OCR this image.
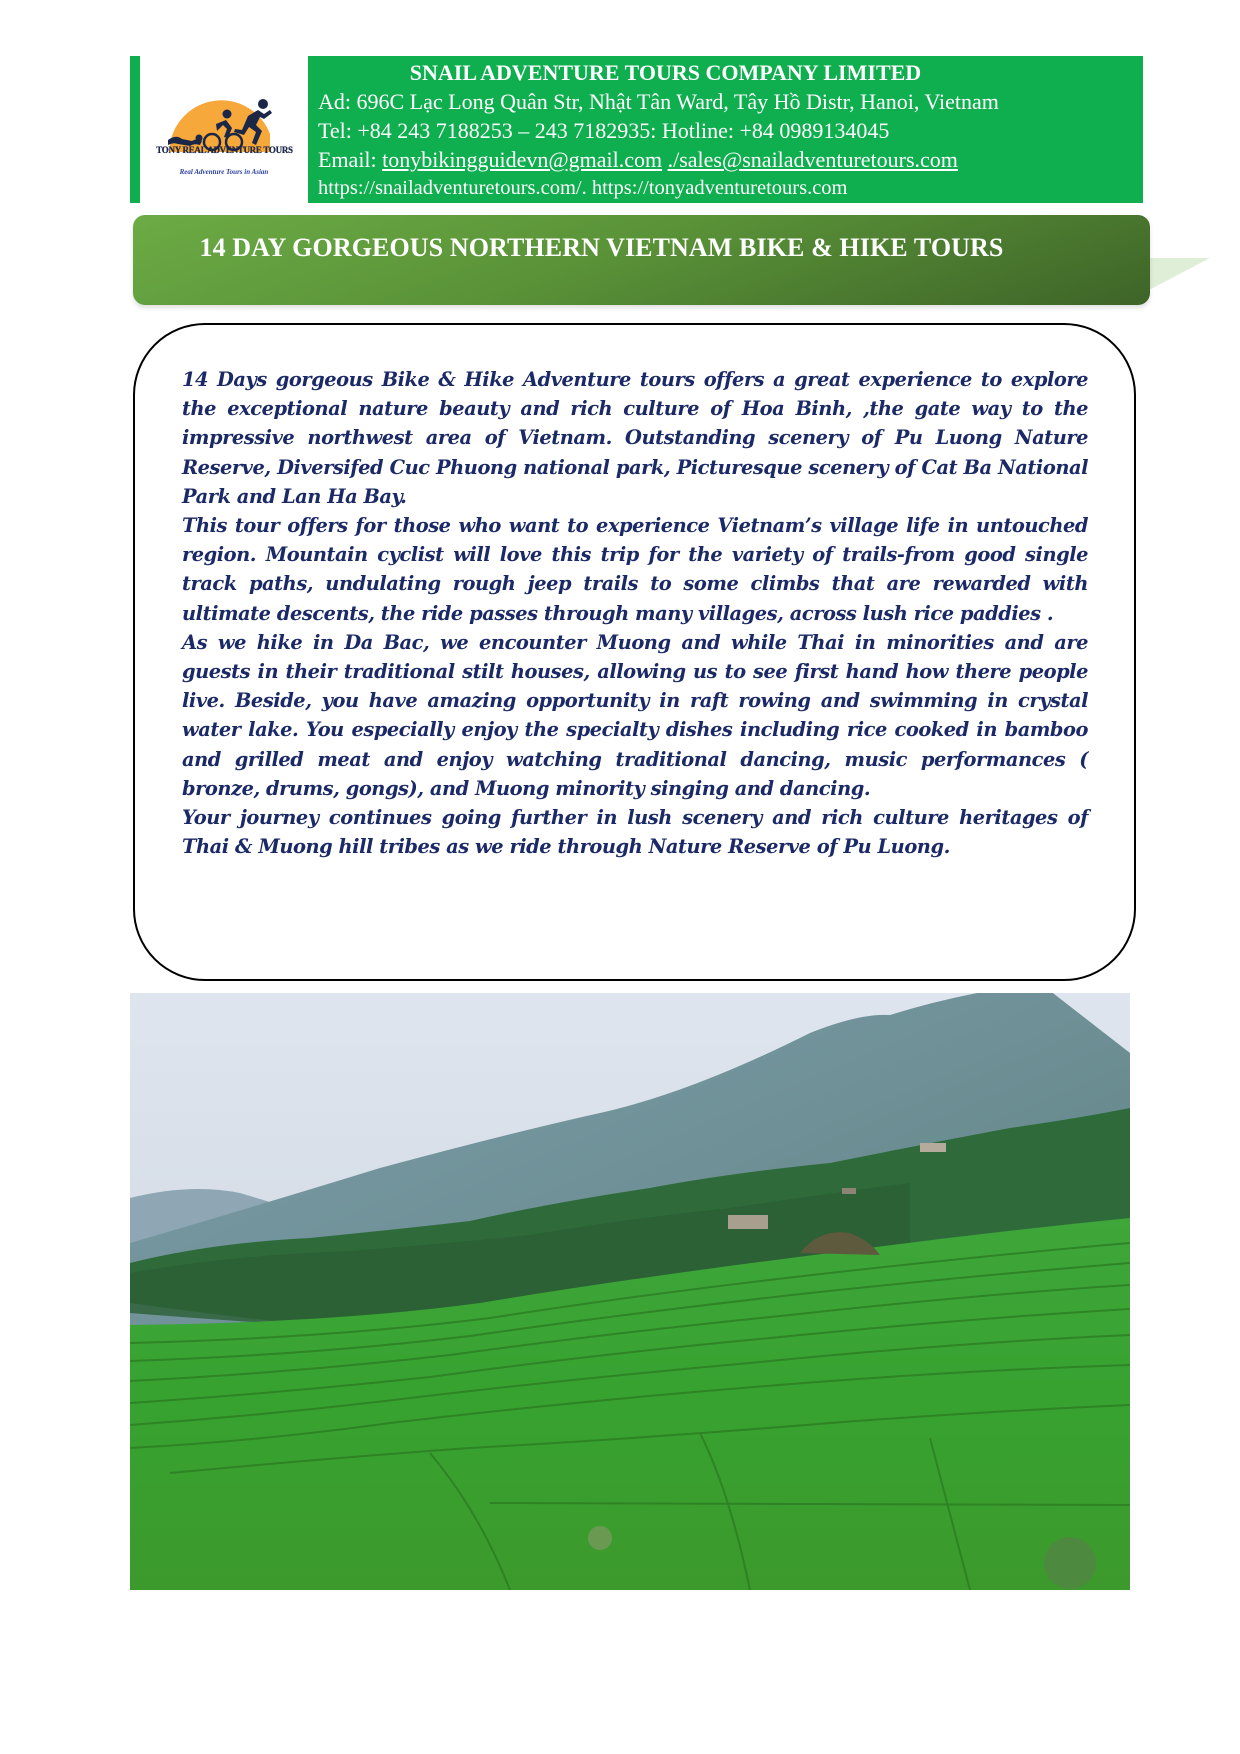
TONY REAL ADVENTURE TOURS
Real Adventure Tours in Asian
SNAIL ADVENTURE TOURS COMPANY LIMITED
Ad: 696C Lạc Long Quân Str, Nhật Tân Ward, Tây Hồ Distr, Hanoi, Vietnam
Tel: +84 243 7188253 – 243 7182935: Hotline: +84 0989134045
Email: tonybikingguidevn@gmail.com ./sales@snailadventuretours.com
https://snailadventuretours.com/. https://tonyadventuretours.com
14 DAY GORGEOUS NORTHERN VIETNAM BIKE & HIKE TOURS

14 Days gorgeous Bike & Hike Adventure tours offers a great experience to explore the exceptional nature beauty and rich culture of Hoa Binh, ,the gate way to the impressive northwest area of Vietnam. Outstanding scenery of Pu Luong Nature Reserve, Diversifed Cuc Phuong national park, Picturesque scenery of Cat Ba National Park and Lan Ha Bay.

This tour offers for those who want to experience Vietnam’s village life in untouched region. Mountain cyclist will love this trip for the variety of trails-from good single track paths, undulating rough jeep trails to some climbs that are rewarded with ultimate descents, the ride passes through many villages, across lush rice paddies .

As we hike in Da Bac, we encounter Muong and while Thai in minorities and are guests in their traditional stilt houses, allowing us to see first hand how there people live. Beside, you have amazing opportunity in raft rowing and swimming in crystal water lake. You especially enjoy the specialty dishes including rice cooked in bamboo and grilled meat and enjoy watching traditional dancing, music performances ( bronze, drums, gongs), and Muong minority singing and dancing.

Your journey continues going further in lush scenery and rich culture heritages of Thai & Muong hill tribes as we ride through Nature Reserve of Pu Luong.
